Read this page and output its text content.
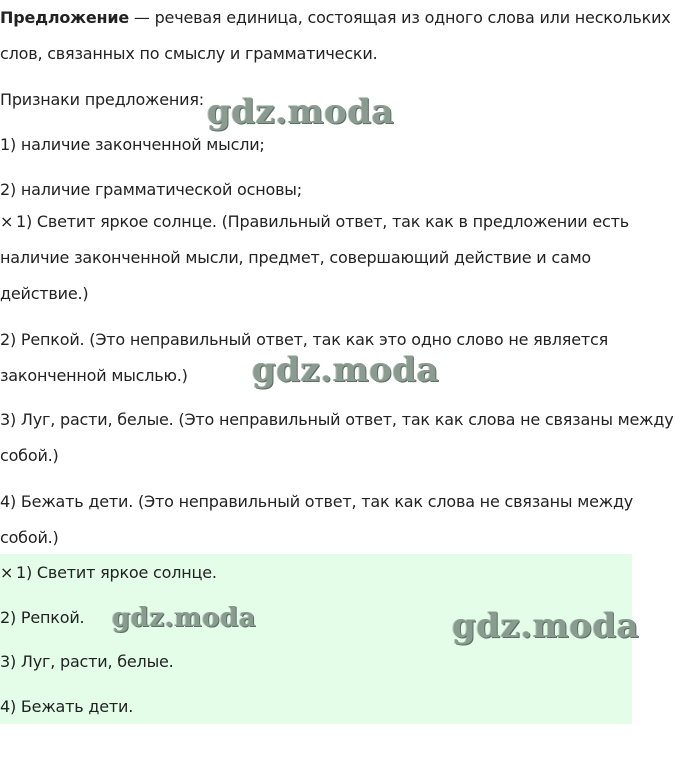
Предложение — речевая единица, состоящая из одного слова или нескольких
слов, связанных по смыслу и грамматически.
Признаки предложения:
1) наличие законченной мысли;
2) наличие грамматической основы;
× 1) Светит яркое солнце. (Правильный ответ, так как в предложении есть
наличие законченной мысли, предмет, совершающий действие и само
действие.)
2) Репкой. (Это неправильный ответ, так как это одно слово не является
законченной мыслью.)
3) Луг, расти, белые. (Это неправильный ответ, так как слова не связаны между
собой.)
4) Бежать дети. (Это неправильный ответ, так как слова не связаны между
собой.)
× 1) Светит яркое солнце.
2) Репкой.
3) Луг, расти, белые.
4) Бежать дети.
gdz.moda
gdz.moda
gdz.moda	gdz.moda
